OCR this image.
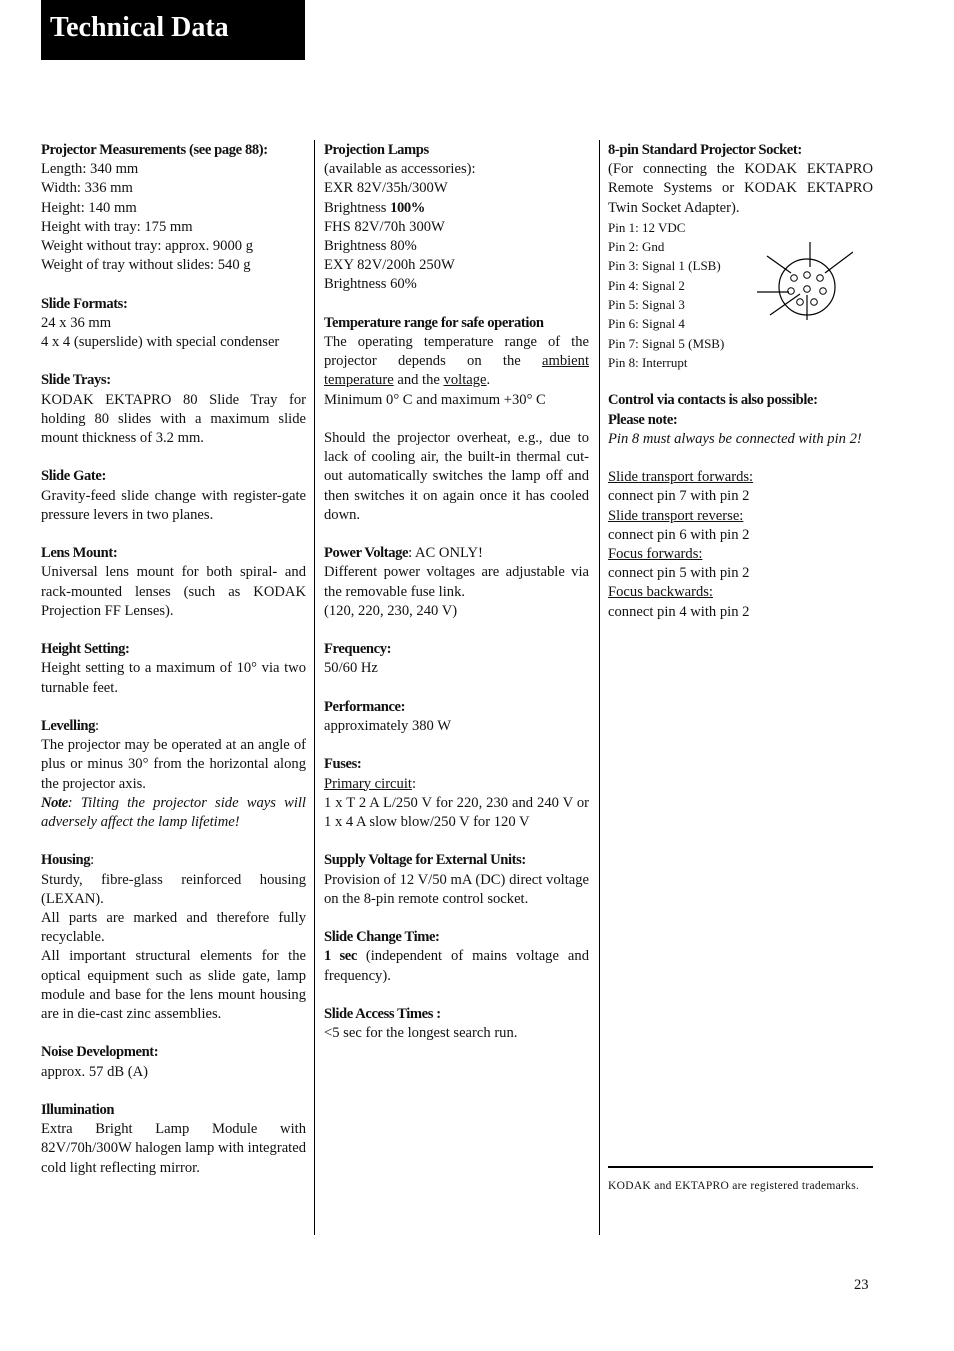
Technical Data
Projector Measurements (see page 88):
Length: 340 mm
Width: 336 mm
Height: 140 mm
Height with tray: 175 mm
Weight without tray: approx. 9000 g
Weight of tray without slides: 540 g
Slide Formats:
24 x 36 mm
4 x 4 (superslide) with special condenser
Slide Trays:
KODAK EKTAPRO 80 Slide Tray for holding 80 slides with a maximum slide mount thickness of 3.2 mm.
Slide Gate:
Gravity-feed slide change with register-gate pressure levers in two planes.
Lens Mount:
Universal lens mount for both spiral- and rack-mounted lenses (such as KODAK Projection FF Lenses).
Height Setting:
Height setting to a maximum of 10° via two turnable feet.
Levelling:
The projector may be operated at an angle of plus or minus 30° from the horizontal along the projector axis.
Note: Tilting the projector side ways will adversely affect the lamp lifetime!
Housing:
Sturdy, fibre-glass reinforced housing (LEXAN).
All parts are marked and therefore fully recyclable.
All important structural elements for the optical equipment such as slide gate, lamp module and base for the lens mount housing are in die-cast zinc assemblies.
Noise Development:
approx. 57 dB (A)
Illumination
Extra Bright Lamp Module with 82V/70h/300W halogen lamp with integrated cold light reflecting mirror.
Projection Lamps
(available as accessories):
EXR 82V/35h/300W
Brightness 100%
FHS 82V/70h 300W
Brightness 80%
EXY 82V/200h 250W
Brightness 60%
Temperature range for safe operation
The operating temperature range of the projector depends on the ambient temperature and the voltage.
Minimum 0° C and maximum +30° C
Should the projector overheat, e.g., due to lack of cooling air, the built-in thermal cut-out automatically switches the lamp off and then switches it on again once it has cooled down.
Power Voltage: AC ONLY!
Different power voltages are adjustable via the removable fuse link.
(120, 220, 230, 240 V)
Frequency:
50/60 Hz
Performance:
approximately 380 W
Fuses:
Primary circuit:
1 x T 2 A L/250 V for 220, 230 and 240 V or 1 x 4 A slow blow/250 V for 120 V
Supply Voltage for External Units:
Provision of 12 V/50 mA (DC) direct voltage on the 8-pin remote control socket.
Slide Change Time:
1 sec (independent of mains voltage and frequency).
Slide Access Times :
<5 sec for the longest search run.
8-pin Standard Projector Socket:
(For connecting the KODAK EKTAPRO Remote Systems or KODAK EKTAPRO Twin Socket Adapter).
Pin 1: 12 VDC
Pin 2: Gnd
Pin 3: Signal 1 (LSB)
Pin 4: Signal 2
Pin 5: Signal 3
Pin 6: Signal 4
Pin 7: Signal 5 (MSB)
Pin 8: Interrupt
Control via contacts is also possible:
Please note:
Pin 8 must always be connected with pin 2!
Slide transport forwards:
connect pin 7 with pin 2
Slide transport reverse:
connect pin 6 with pin 2
Focus forwards:
connect pin 5 with pin 2
Focus backwards:
connect pin 4 with pin 2
KODAK and EKTAPRO are registered trademarks.
23
